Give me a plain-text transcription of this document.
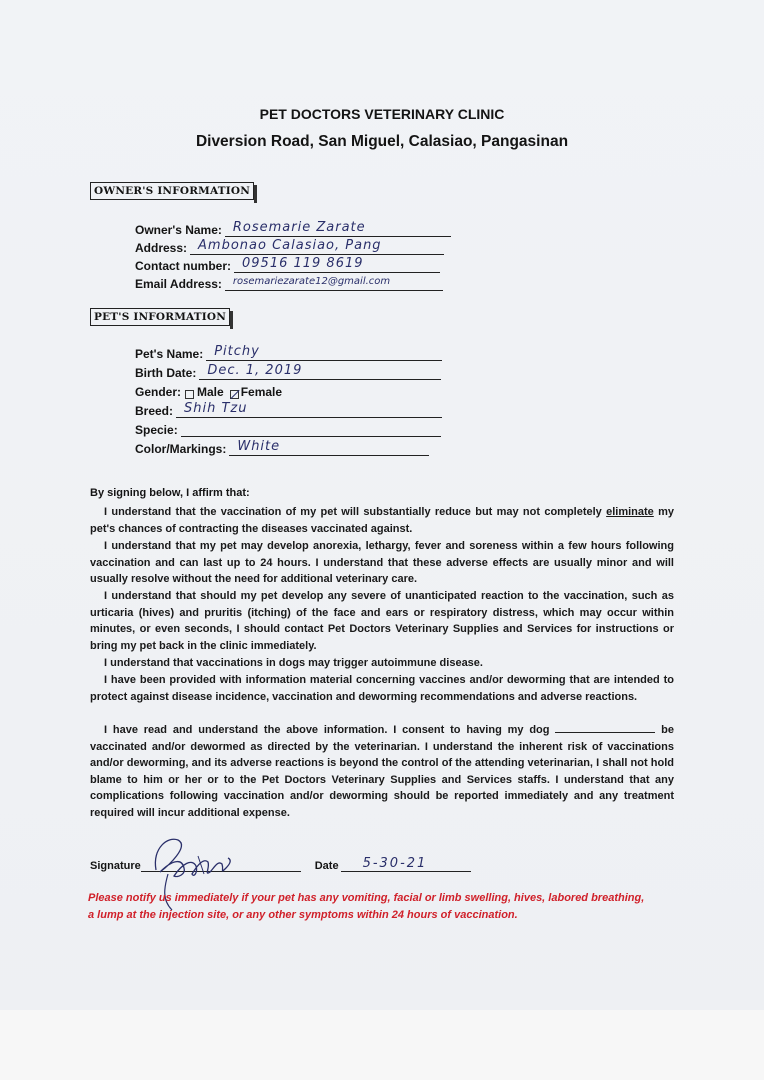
PET DOCTORS VETERINARY CLINIC
Diversion Road, San Miguel, Calasiao, Pangasinan
OWNER'S INFORMATION
Owner's Name: Rosemarie Zarate
Address: Ambonao Calasiao, Pang
Contact number: 09516 119 8619
Email Address:	rosemariezarate12@gmail.com
PET'S INFORMATION
Pet's Name: Pitchy
Birth Date: Dec. 1, 2019
Gender: Male Female
Breed: Shih Tzu
Specie:
Color/Markings: White
By signing below, I affirm that:
I understand that the vaccination of my pet will substantially reduce but may not completely eliminate my pet's chances of contracting the diseases vaccinated against.
I understand that my pet may develop anorexia, lethargy, fever and soreness within a few hours following vaccination and can last up to 24 hours. I understand that these adverse effects are usually minor and will usually resolve without the need for additional veterinary care.
I understand that should my pet develop any severe of unanticipated reaction to the vaccination, such as urticaria (hives) and pruritis (itching) of the face and ears or respiratory distress, which may occur within minutes, or even seconds, I should contact Pet Doctors Veterinary Supplies and Services for instructions or bring my pet back in the clinic immediately.
I understand that vaccinations in dogs may trigger autoimmune disease.
I have been provided with information material concerning vaccines and/or deworming that are intended to protect against disease incidence, vaccination and deworming recommendations and adverse reactions.
I have read and understand the above information. I consent to having my dog	be vaccinated and/or dewormed as directed by the veterinarian. I understand the inherent risk of vaccinations and/or deworming, and its adverse reactions is beyond the control of the attending veterinarian, I shall not hold blame to him or her or to the Pet Doctors Veterinary Supplies and Services staffs. I understand that any complications following vaccination and/or deworming should be reported immediately and any treatment required will incur additional expense.
Signature	Date	5-30-21
Please notify us immediately if your pet has any vomiting, facial or limb swelling, hives, labored breathing, a lump at the injection site, or any other symptoms within 24 hours of vaccination.
